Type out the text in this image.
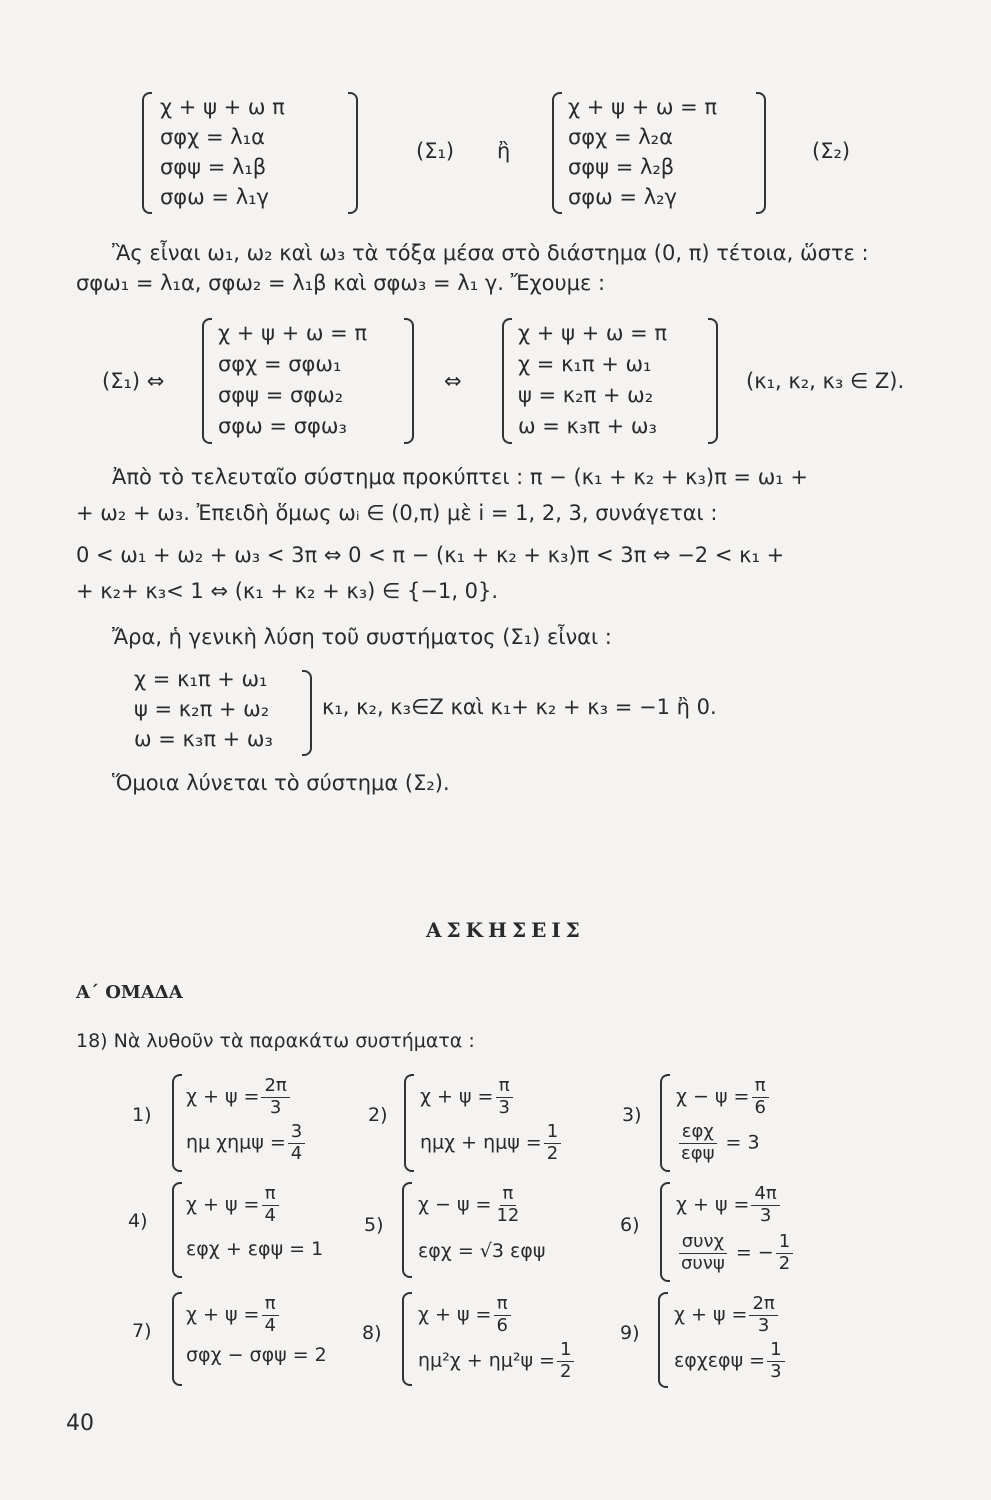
χ + ψ + ω π
σφχ = λ₁α
σφψ = λ₁β
σφω = λ₁γ
(Σ₁) ἢ
χ + ψ + ω = π
σφχ = λ₂α
σφψ = λ₂β
σφω = λ₂γ
(Σ₂)
Ἂς εἶναι ω₁, ω₂ καὶ ω₃ τὰ τόξα μέσα στὸ διάστημα (0, π) τέτοια, ὥστε :
σφω₁ = λ₁α, σφω₂ = λ₁β καὶ σφω₃ = λ₁ γ. Ἔχουμε :
(Σ₁) ⇔
χ + ψ + ω = π
σφχ = σφω₁
σφψ = σφω₂
σφω = σφω₃
⇔
χ + ψ + ω = π
χ = κ₁π + ω₁
ψ = κ₂π + ω₂
ω = κ₃π + ω₃
(κ₁, κ₂, κ₃ ∈ Z).
Ἀπὸ τὸ τελευταῖο σύστημα προκύπτει : π − (κ₁ + κ₂ + κ₃)π = ω₁ +
+ ω₂ + ω₃. Ἐπειδὴ ὅμως ωᵢ ∈ (0,π) μὲ i = 1, 2, 3, συνάγεται :
0 < ω₁ + ω₂ + ω₃ < 3π ⇔ 0 < π − (κ₁ + κ₂ + κ₃)π < 3π ⇔ −2 < κ₁ +
+ κ₂+ κ₃< 1 ⇔ (κ₁ + κ₂ + κ₃) ∈ {−1, 0}.
Ἄρα, ἡ γενικὴ λύση τοῦ συστήματος (Σ₁) εἶναι :
χ = κ₁π + ω₁
ψ = κ₂π + ω₂
ω = κ₃π + ω₃
κ₁, κ₂, κ₃∈Z καὶ κ₁+ κ₂ + κ₃ = −1 ἢ 0.
Ὅμοια λύνεται τὸ σύστημα (Σ₂).
ΑΣΚΗΣΕΙΣ
Α΄ ΟΜΑΔΑ
18) Νὰ λυθοῦν τὰ παρακάτω συστήματα :
1)
$\chi + \psi = \frac{2\pi}{3}$
ημ $\chi\eta\mu\psi = \frac{3}{4}$
2)
$\chi + \psi = \frac{\pi}{3}$
$\eta\mu\chi + \eta\mu\psi = \frac{1}{2}$
3)
$\chi - \psi = \frac{\pi}{6}$
$\frac{\text{εφχ}}{\text{εφψ}} = 3$
4)
$\chi + \psi = \frac{\pi}{4}$
εφχ + εφψ = 1
5)
$\chi - \psi = \frac{\pi}{12}$
εφχ = √3 εφψ
6)
$\chi + \psi = \frac{4\pi}{3}$
$\frac{\text{συνχ}}{\text{συνψ}}$ = − $\frac{1}{2}$
7)
$\chi + \psi = \frac{\pi}{4}$
σφχ − σφψ = 2
8)
$\chi + \psi = \frac{\pi}{6}$
$\eta\mu^2\chi + \eta\mu^2\psi = \frac{1}{2}$
9)
$\chi + \psi = \frac{2\pi}{3}$
$\varepsilon\varphi\chi\varepsilon\varphi\psi = \frac{1}{3}$
40
